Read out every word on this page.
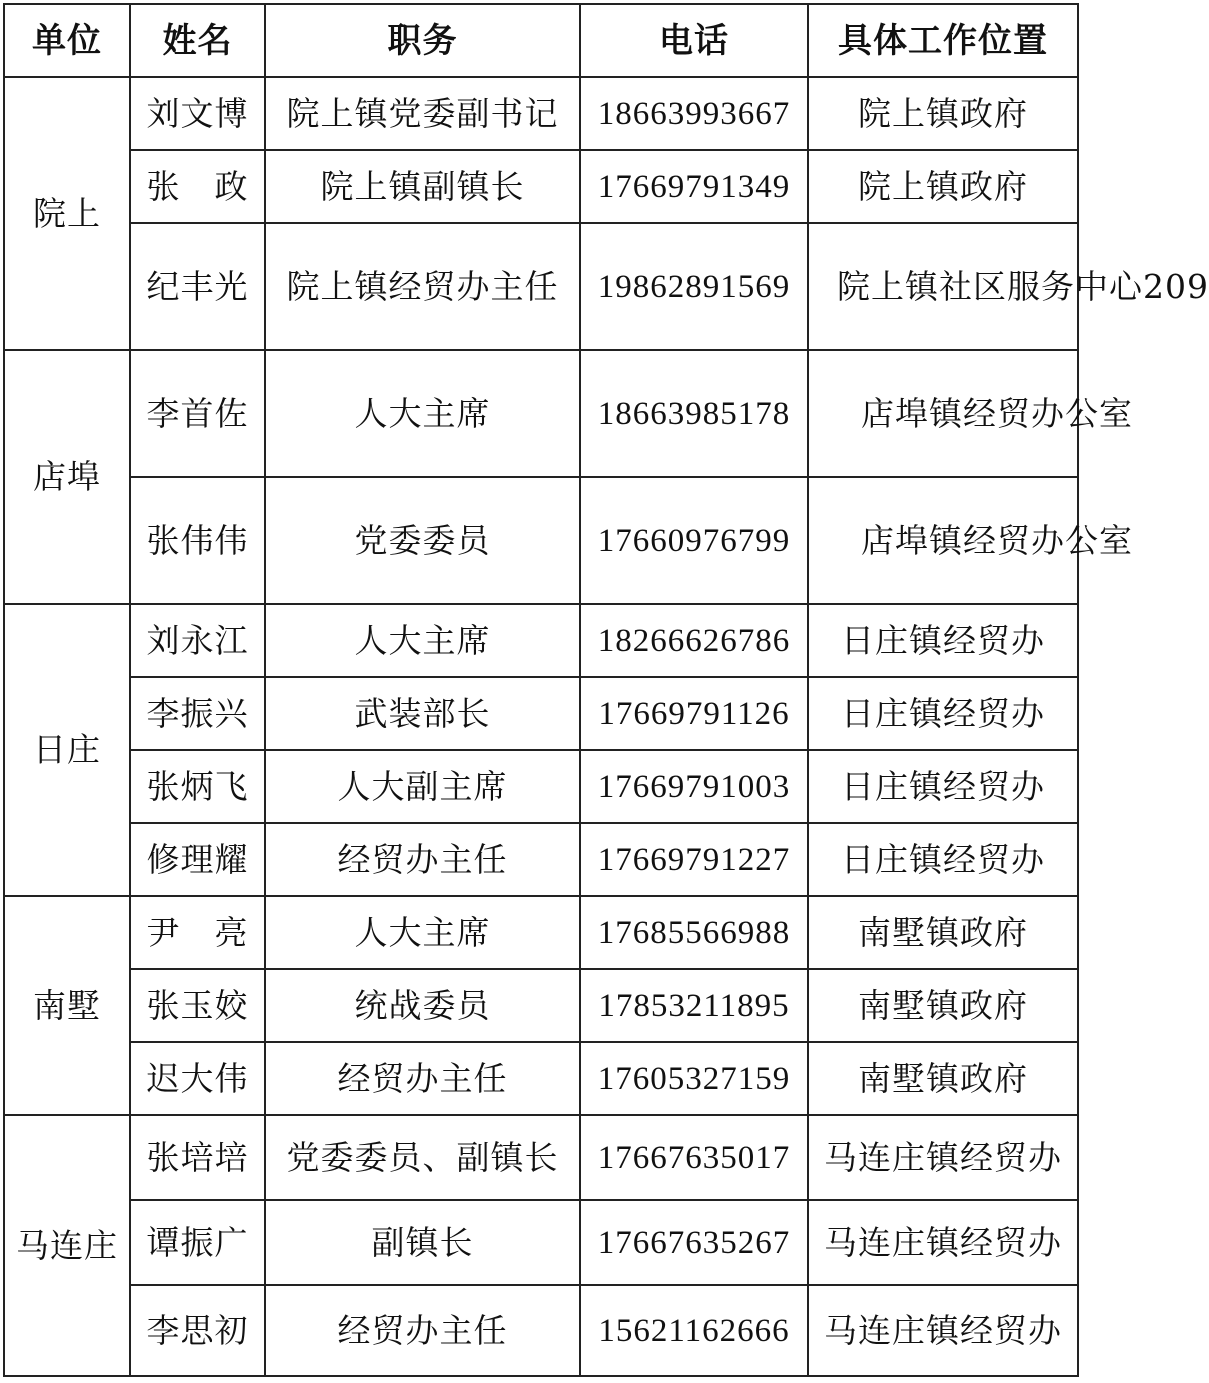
单位	姓名	职务	电话	具体工作位置
院上	刘文博	院上镇党委副书记	18663993667	院上镇政府
	张　政	院上镇副镇长	17669791349	院上镇政府
	纪丰光	院上镇经贸办主任	19862891569	院上镇社区服务中心209
店埠	李首佐	人大主席	18663985178	店埠镇经贸办公室
	张伟伟	党委委员	17660976799	店埠镇经贸办公室
日庄	刘永江	人大主席	18266626786	日庄镇经贸办
	李振兴	武装部长	17669791126	日庄镇经贸办
	张炳飞	人大副主席	17669791003	日庄镇经贸办
	修理耀	经贸办主任	17669791227	日庄镇经贸办
南墅	尹　亮	人大主席	17685566988	南墅镇政府
	张玉姣	统战委员	17853211895	南墅镇政府
	迟大伟	经贸办主任	17605327159	南墅镇政府
马连庄	张培培	党委委员、副镇长	17667635017	马连庄镇经贸办
	谭振广	副镇长	17667635267	马连庄镇经贸办
	李思初	经贸办主任	15621162666	马连庄镇经贸办
